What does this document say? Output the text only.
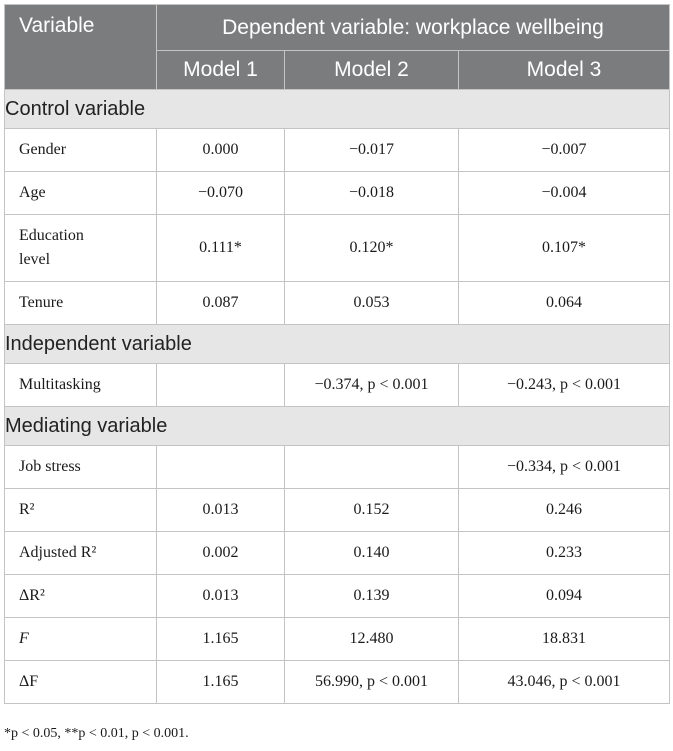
Variable	Dependent variable: workplace wellbeing		
	Model 1	Model 2	Model 3
Control variable			
Gender	0.000	−0.017	−0.007
Age	−0.070	−0.018	−0.004
Education level	0.111*	0.120*	0.107*
Tenure	0.087	0.053	0.064
Independent variable			
Multitasking		−0.374, p < 0.001	−0.243, p < 0.001
Mediating variable			
Job stress			−0.334, p < 0.001
R²	0.013	0.152	0.246
Adjusted R²	0.002	0.140	0.233
ΔR²	0.013	0.139	0.094
F	1.165	12.480	18.831
ΔF	1.165	56.990, p < 0.001	43.046, p < 0.001
*p < 0.05, **p < 0.01, p < 0.001.
